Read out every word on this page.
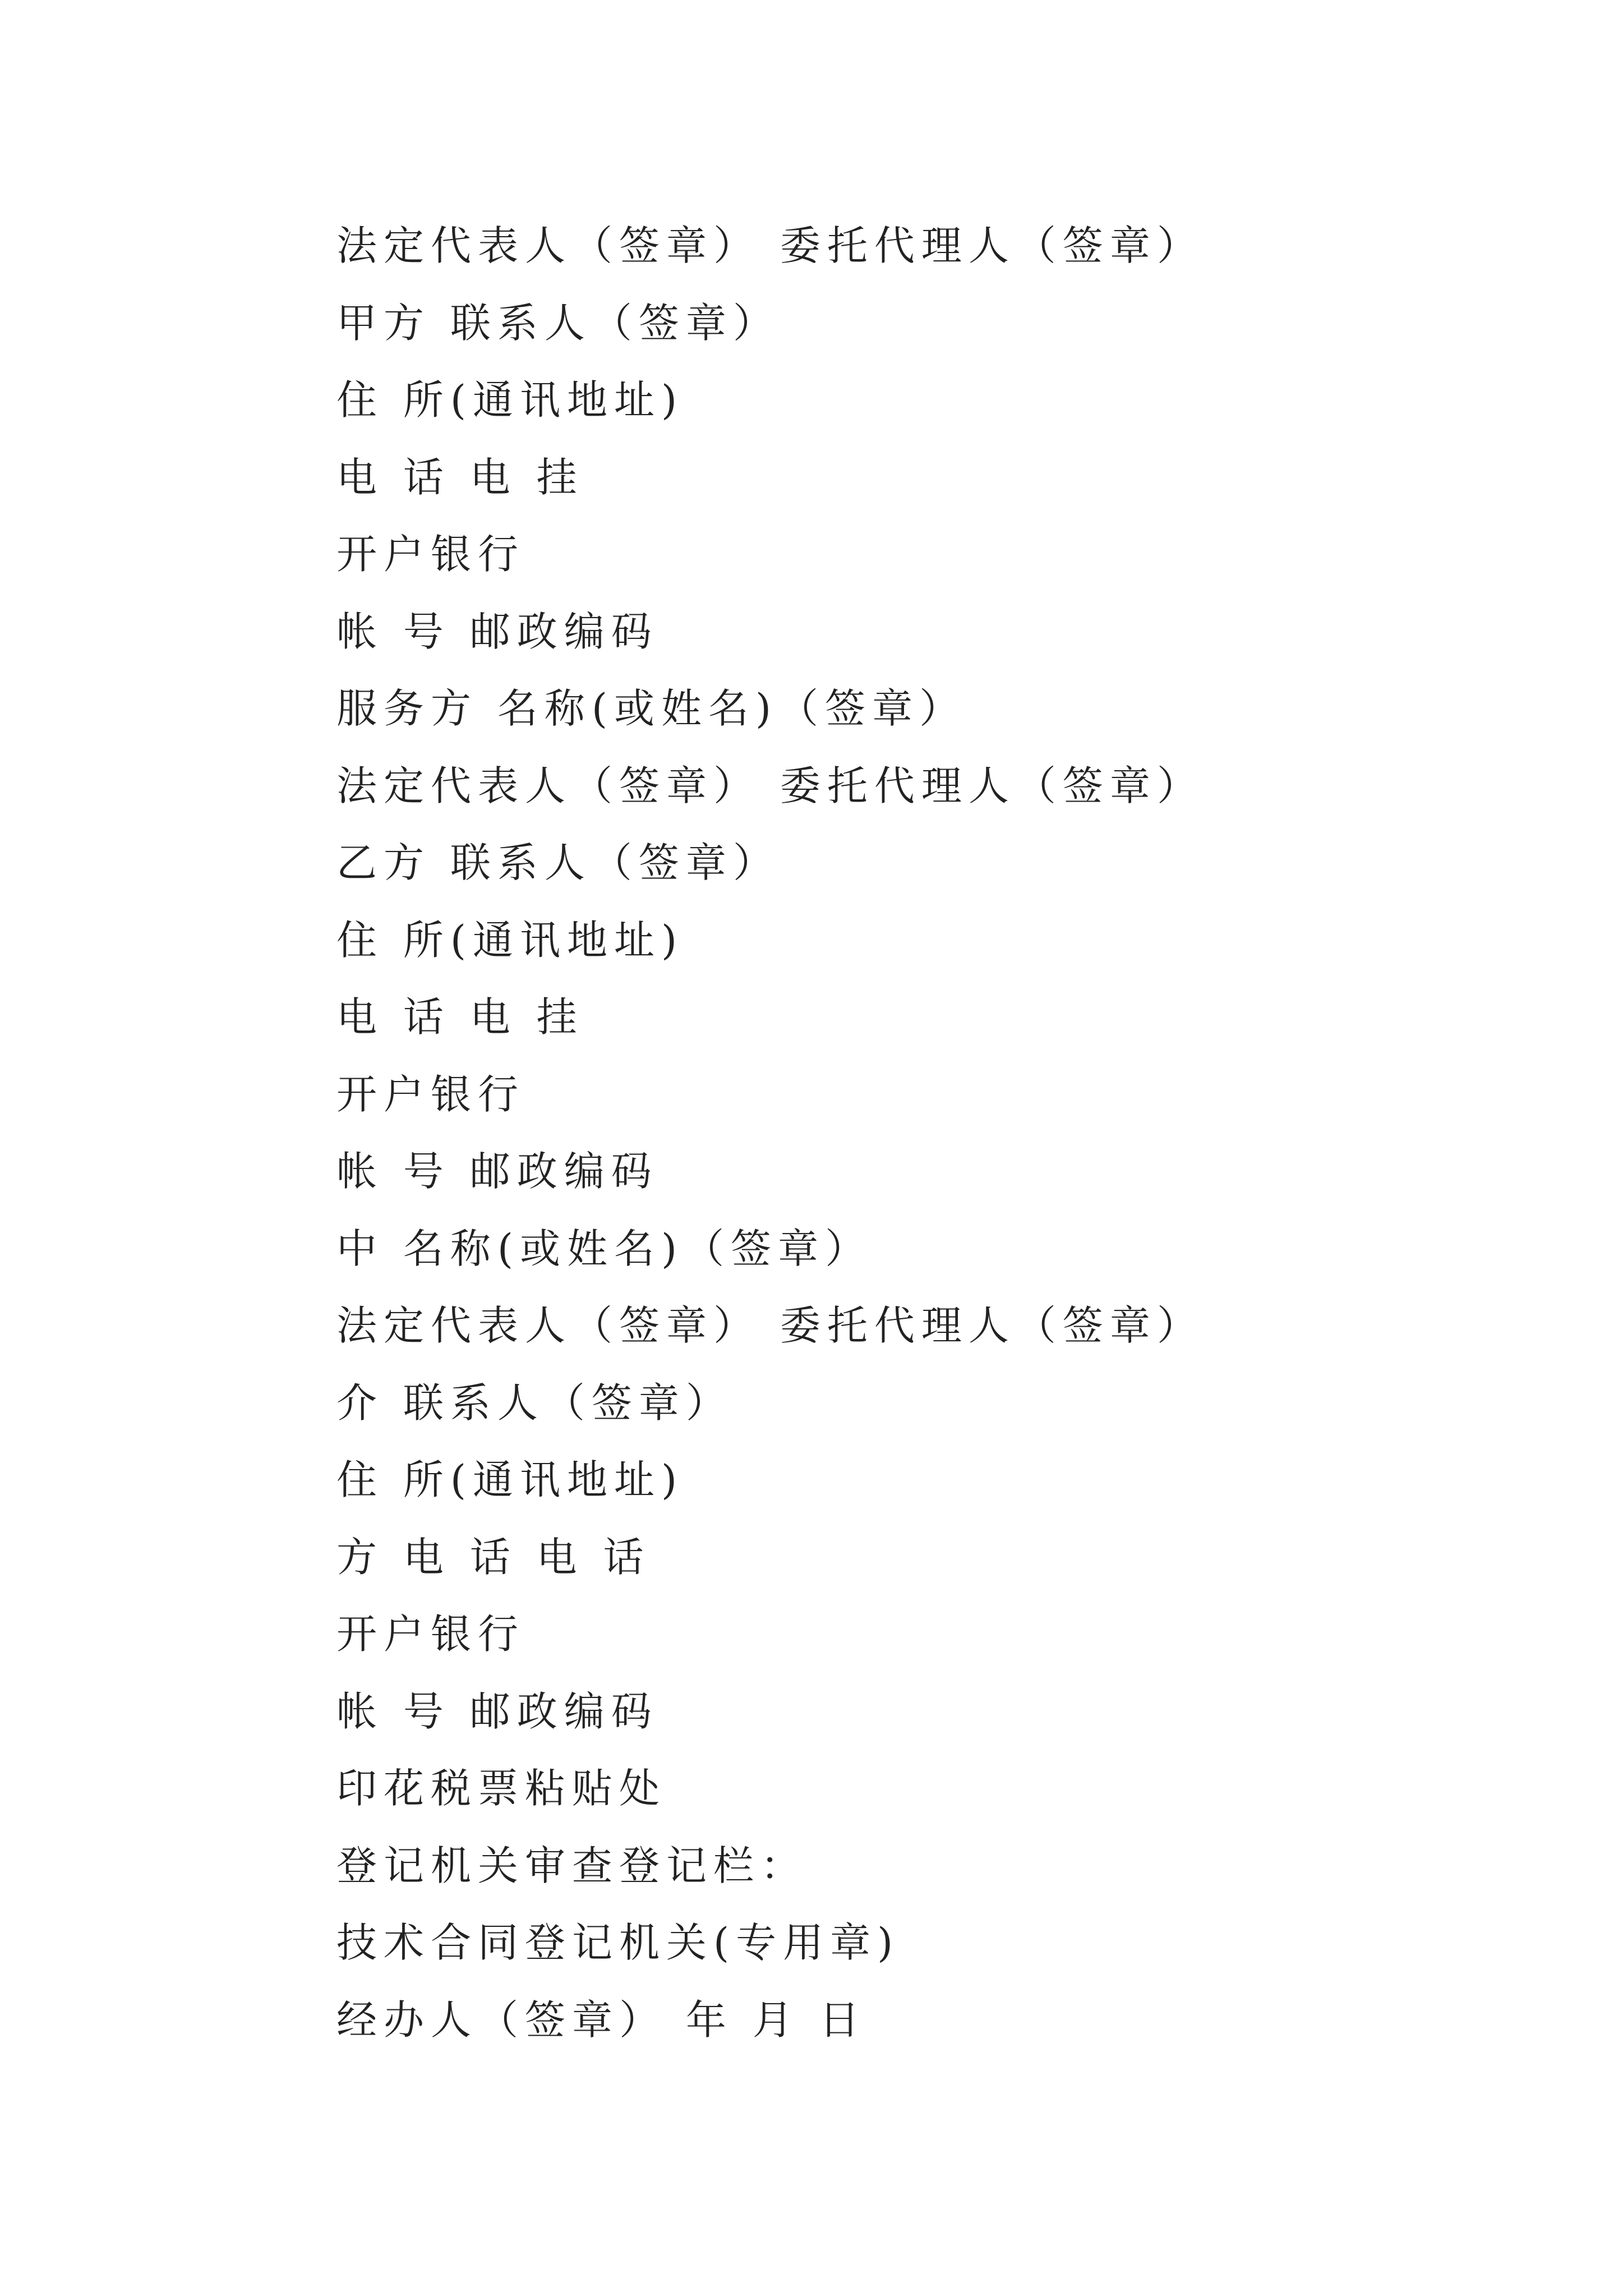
法定代表人（签章） 委托代理人（签章）
甲方 联系人（签章）
住 所(通讯地址)
电 话 电 挂
开户银行
帐 号 邮政编码
服务方 名称(或姓名)（签章）
法定代表人（签章） 委托代理人（签章）
乙方 联系人（签章）
住 所(通讯地址)
电 话 电 挂
开户银行
帐 号 邮政编码
中 名称(或姓名)（签章）
法定代表人（签章） 委托代理人（签章）
介 联系人（签章）
住 所(通讯地址)
方 电 话 电 话
开户银行
帐 号 邮政编码
印花税票粘贴处
登记机关审查登记栏：
技术合同登记机关(专用章)
经办人（签章） 年 月 日
